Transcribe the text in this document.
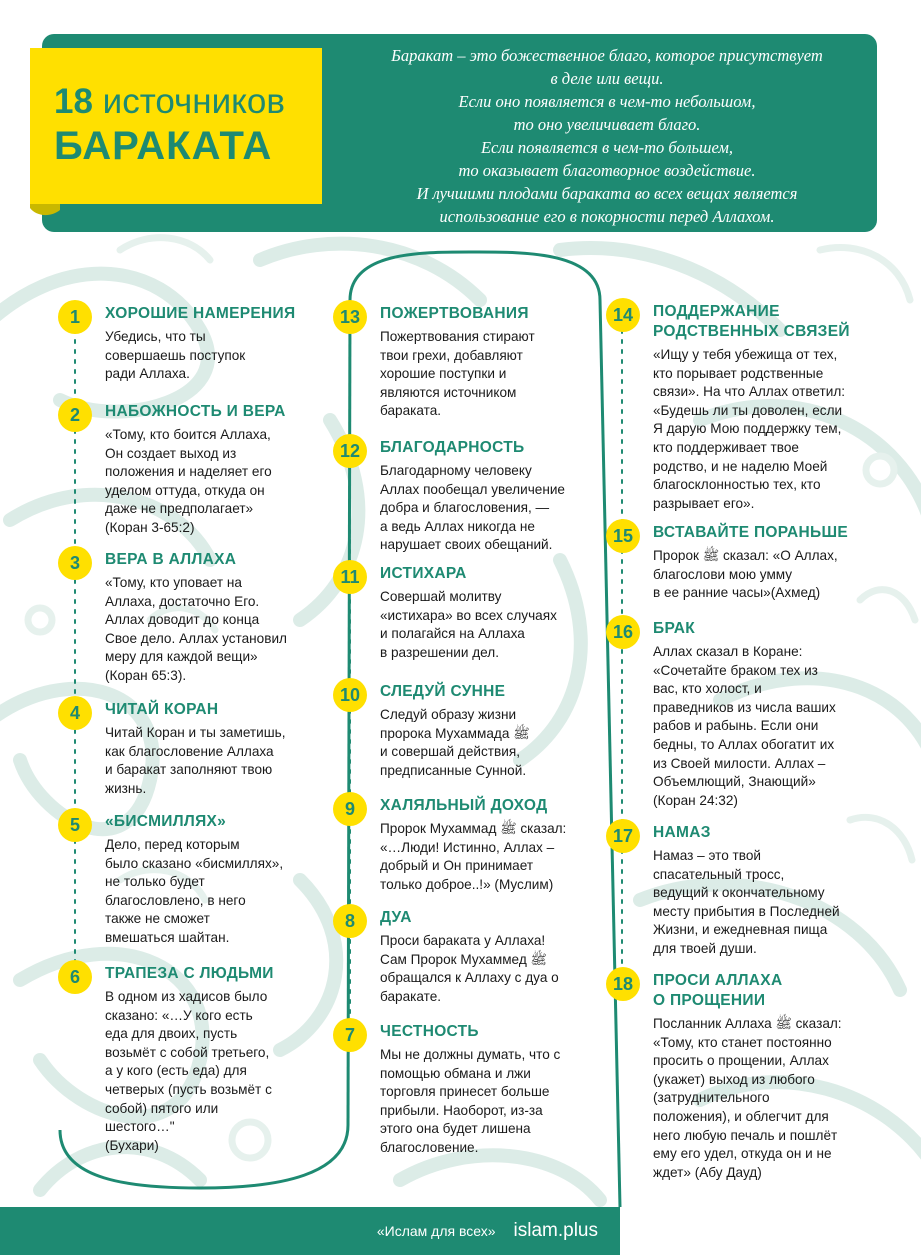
18 источников
БАРАКАТА
Баракат – это божественное благо, которое присутствует
в деле или вещи.
Если оно появляется в чем-то небольшом,
то оно увеличивает благо.
Если появляется в чем-то большем,
то оказывает благотворное воздействие.
И лучшими плодами бараката во всех вещах является
использование его в покорности перед Аллахом.
1	ХОРОШИЕ НАМЕРЕНИЯ
Убедись, что ты
совершаешь поступок
ради Аллаха.
2	НАБОЖНОСТЬ И ВЕРА
«Тому, кто боится Аллаха,
Он создает выход из
положения и наделяет его
уделом оттуда, откуда он
даже не предполагает»
(Коран 3-65:2)
3	ВЕРА В АЛЛАХА
«Тому, кто уповает на
Аллаха, достаточно Его.
Аллах доводит до конца
Свое дело. Аллах установил
меру для каждой вещи»
(Коран 65:3).
4	ЧИТАЙ КОРАН
Читай Коран и ты заметишь,
как благословение Аллаха
и баракат заполняют твою
жизнь.
5	«БИСМИЛЛЯХ»
Дело, перед которым
было сказано «бисмиллях»,
не только будет
благословлено, в него
также не сможет
вмешаться шайтан.
6	ТРАПЕЗА С ЛЮДЬМИ
В одном из хадисов было
сказано: «…У кого есть
еда для двоих, пусть
возьмёт с собой третьего,
а у кого (есть еда) для
четверых (пусть возьмёт с
собой) пятого или
шестого…"
(Бухари)
13	ПОЖЕРТВОВАНИЯ
Пожертвования стирают
твои грехи, добавляют
хорошие поступки и
являются источником
бараката.
12	БЛАГОДАРНОСТЬ
Благодарному человеку
Аллах пообещал увеличение
добра и благословения, —
а ведь Аллах никогда не
нарушает своих обещаний.
11	ИСТИХАРА
Совершай молитву
«истихара» во всех случаях
и полагайся на Аллаха
в разрешении дел.
10	СЛЕДУЙ СУННЕ
Следуй образу жизни
пророка Мухаммада ﷺ
и совершай действия,
предписанные Сунной.
9	ХАЛЯЛЬНЫЙ ДОХОД
Пророк Мухаммад ﷺ сказал:
«…Люди! Истинно, Аллах –
добрый и Он принимает
только доброе..!» (Муслим)
8	ДУА
Проси бараката у Аллаха!
Сам Пророк Мухаммед ﷺ
обращался к Аллаху с дуа о
баракате.
7	ЧЕСТНОСТЬ
Мы не должны думать, что с
помощью обмана и лжи
торговля принесет больше
прибыли. Наоборот, из-за
этого она будет лишена
благословение.
14	ПОДДЕРЖАНИЕ
РОДСТВЕННЫХ СВЯЗЕЙ
«Ищу у тебя убежища от тех,
кто порывает родственные
связи». На что Аллах ответил:
«Будешь ли ты доволен, если
Я дарую Мою поддержку тем,
кто поддерживает твое
родство, и не наделю Моей
благосклонностью тех, кто
разрывает его».
15	ВСТАВАЙТЕ ПОРАНЬШЕ
Пророк ﷺ сказал: «О Аллах,
благослови мою умму
в ее ранние часы»(Ахмед)
16	БРАК
Аллах сказал в Коране:
«Сочетайте браком тех из
вас, кто холост, и
праведников из числа ваших
рабов и рабынь. Если они
бедны, то Аллах обогатит их
из Своей милости. Аллах –
Объемлющий, Знающий»
(Коран 24:32)
17	НАМАЗ
Намаз – это твой
спасательный тросс,
ведущий к окончательному
месту прибытия в Последней
Жизни, и ежедневная пища
для твоей души.
18	ПРОСИ АЛЛАХА
О ПРОЩЕНИИ
Посланник Аллаха ﷺ сказал:
«Тому, кто станет постоянно
просить о прощении, Аллах
(укажет) выход из любого
(затруднительного
положения), и облегчит для
него любую печаль и пошлёт
ему его удел, откуда он и не
ждет» (Абу Дауд)
«Ислам для всех» islam.plus
